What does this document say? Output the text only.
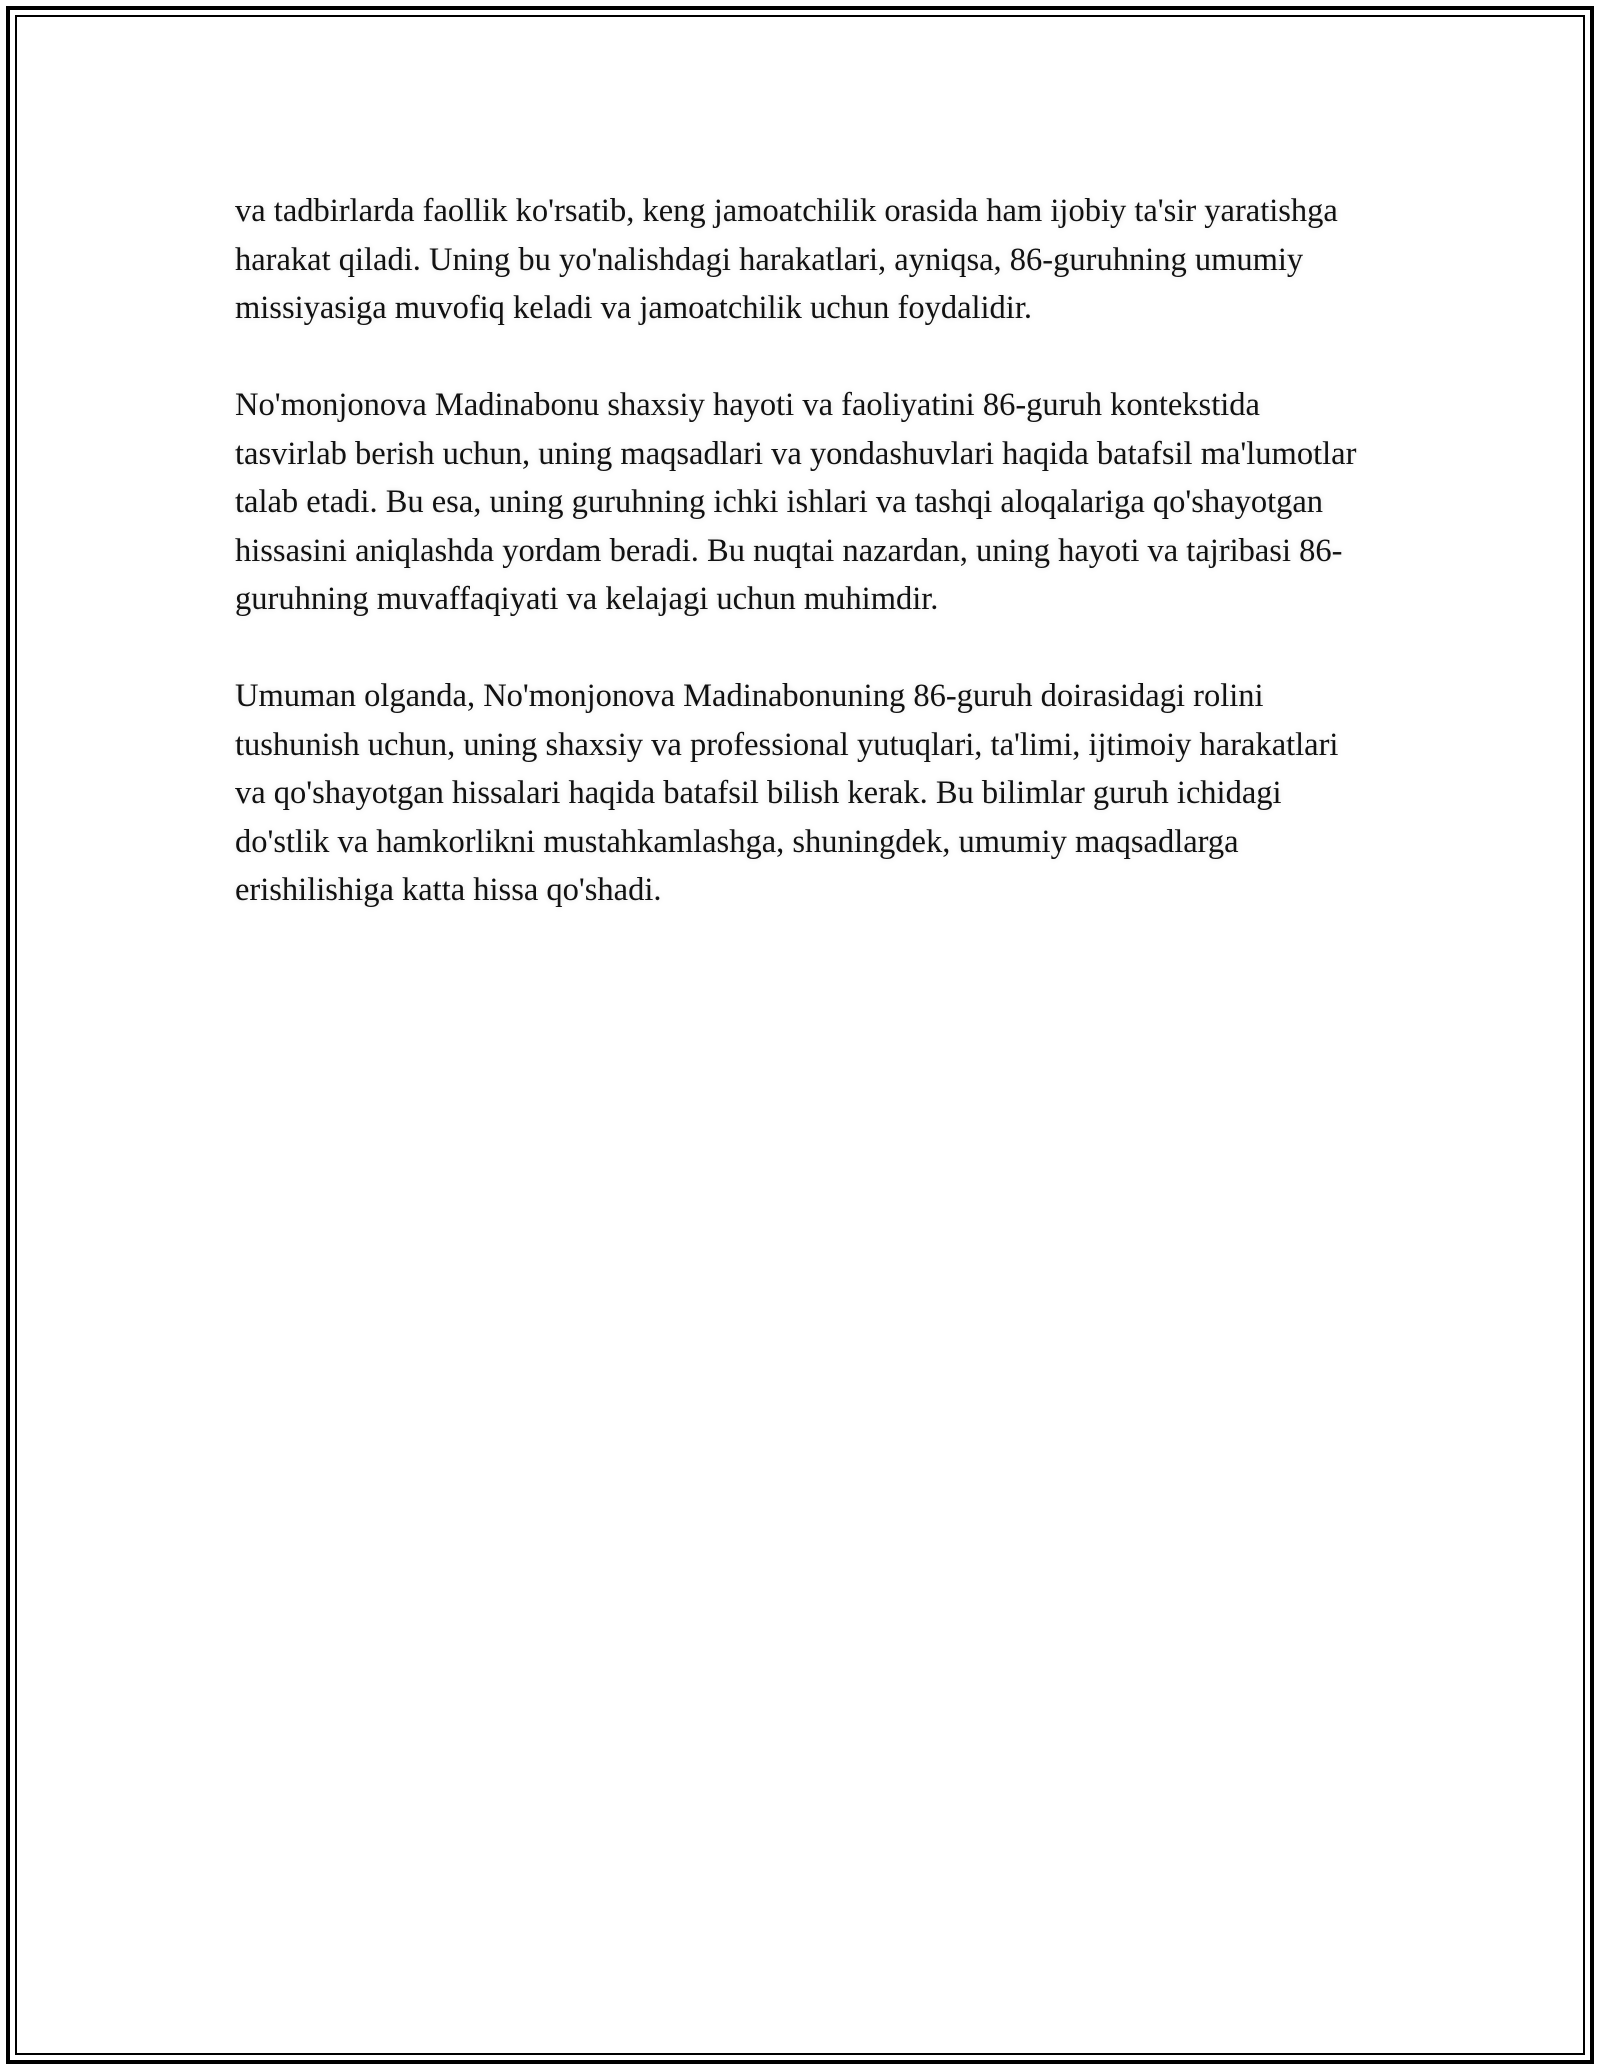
va tadbirlarda faollik ko'rsatib, keng jamoatchilik orasida ham ijobiy ta'sir yaratishga harakat qiladi. Uning bu yo'nalishdagi harakatlari, ayniqsa, 86-guruhning umumiy missiyasiga muvofiq keladi va jamoatchilik uchun foydalidir.

No'monjonova Madinabonu shaxsiy hayoti va faoliyatini 86-guruh kontekstida tasvirlab berish uchun, uning maqsadlari va yondashuvlari haqida batafsil ma'lumotlar talab etadi. Bu esa, uning guruhning ichki ishlari va tashqi aloqalariga qo'shayotgan hissasini aniqlashda yordam beradi. Bu nuqtai nazardan, uning hayoti va tajribasi 86-guruhning muvaffaqiyati va kelajagi uchun muhimdir.

Umuman olganda, No'monjonova Madinabonuning 86-guruh doirasidagi rolini tushunish uchun, uning shaxsiy va professional yutuqlari, ta'limi, ijtimoiy harakatlari va qo'shayotgan hissalari haqida batafsil bilish kerak. Bu bilimlar guruh ichidagi do'stlik va hamkorlikni mustahkamlashga, shuningdek, umumiy maqsadlarga erishilishiga katta hissa qo'shadi.
